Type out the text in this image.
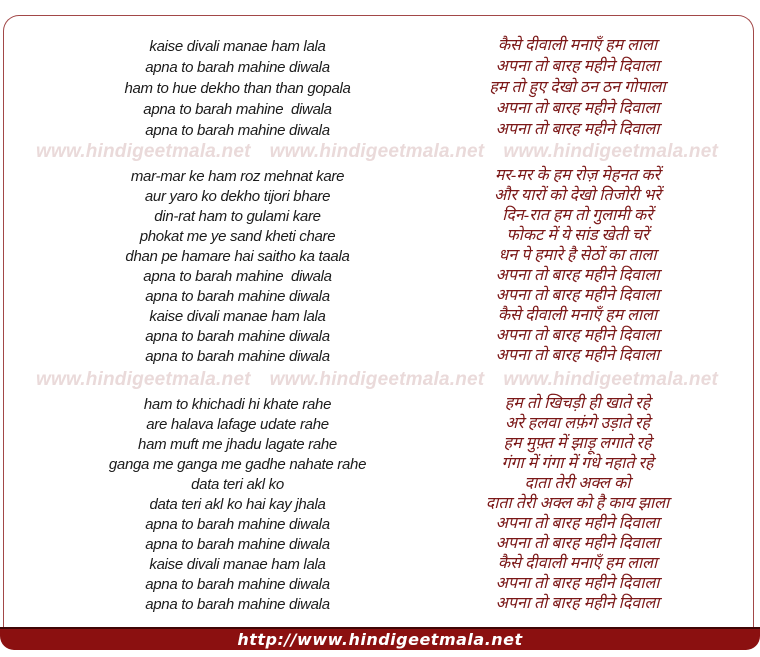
kaise divali manae ham lala
apna to barah mahine diwala
ham to hue dekho than than gopala
apna to barah mahine  diwala
apna to barah mahine diwala
कैसे दीवाली मनाएँ हम लाला
अपना तो बारह महीने दिवाला
हम तो हुए देखो ठन ठन गोपाला
अपना तो बारह महीने दिवाला
अपना तो बारह महीने दिवाला
www.hindigeetmala.net www.hindigeetmala.net www.hindigeetmala.net
mar-mar ke ham roz mehnat kare
aur yaro ko dekho tijori bhare
din-rat ham to gulami kare
phokat me ye sand kheti chare
dhan pe hamare hai saitho ka taala
apna to barah mahine  diwala
apna to barah mahine diwala
kaise divali manae ham lala
apna to barah mahine diwala
apna to barah mahine diwala
मर-मर के हम रोज़ मेहनत करें
और यारों को देखो तिजोरी भरें
दिन-रात हम तो गुलामी करें
फोकट में ये सांड खेती चरें
धन पे हमारे है सेठों का ताला
अपना तो बारह महीने दिवाला
अपना तो बारह महीने दिवाला
कैसे दीवाली मनाएँ हम लाला
अपना तो बारह महीने दिवाला
अपना तो बारह महीने दिवाला
www.hindigeetmala.net www.hindigeetmala.net www.hindigeetmala.net
ham to khichadi hi khate rahe
are halava lafage udate rahe
ham muft me jhadu lagate rahe
ganga me ganga me gadhe nahate rahe
data teri akl ko
data teri akl ko hai kay jhala
apna to barah mahine diwala
apna to barah mahine diwala
kaise divali manae ham lala
apna to barah mahine diwala
apna to barah mahine diwala
हम तो खिचड़ी ही खाते रहे
अरे हलवा लफ़ंगे उड़ाते रहे
हम मुफ़्त में झाड़ू लगाते रहे
गंगा में गंगा में गधे नहाते रहे
दाता तेरी अक्ल को
दाता तेरी अक्ल को है काय झाला
अपना तो बारह महीने दिवाला
अपना तो बारह महीने दिवाला
कैसे दीवाली मनाएँ हम लाला
अपना तो बारह महीने दिवाला
अपना तो बारह महीने दिवाला
http://www.hindigeetmala.net
